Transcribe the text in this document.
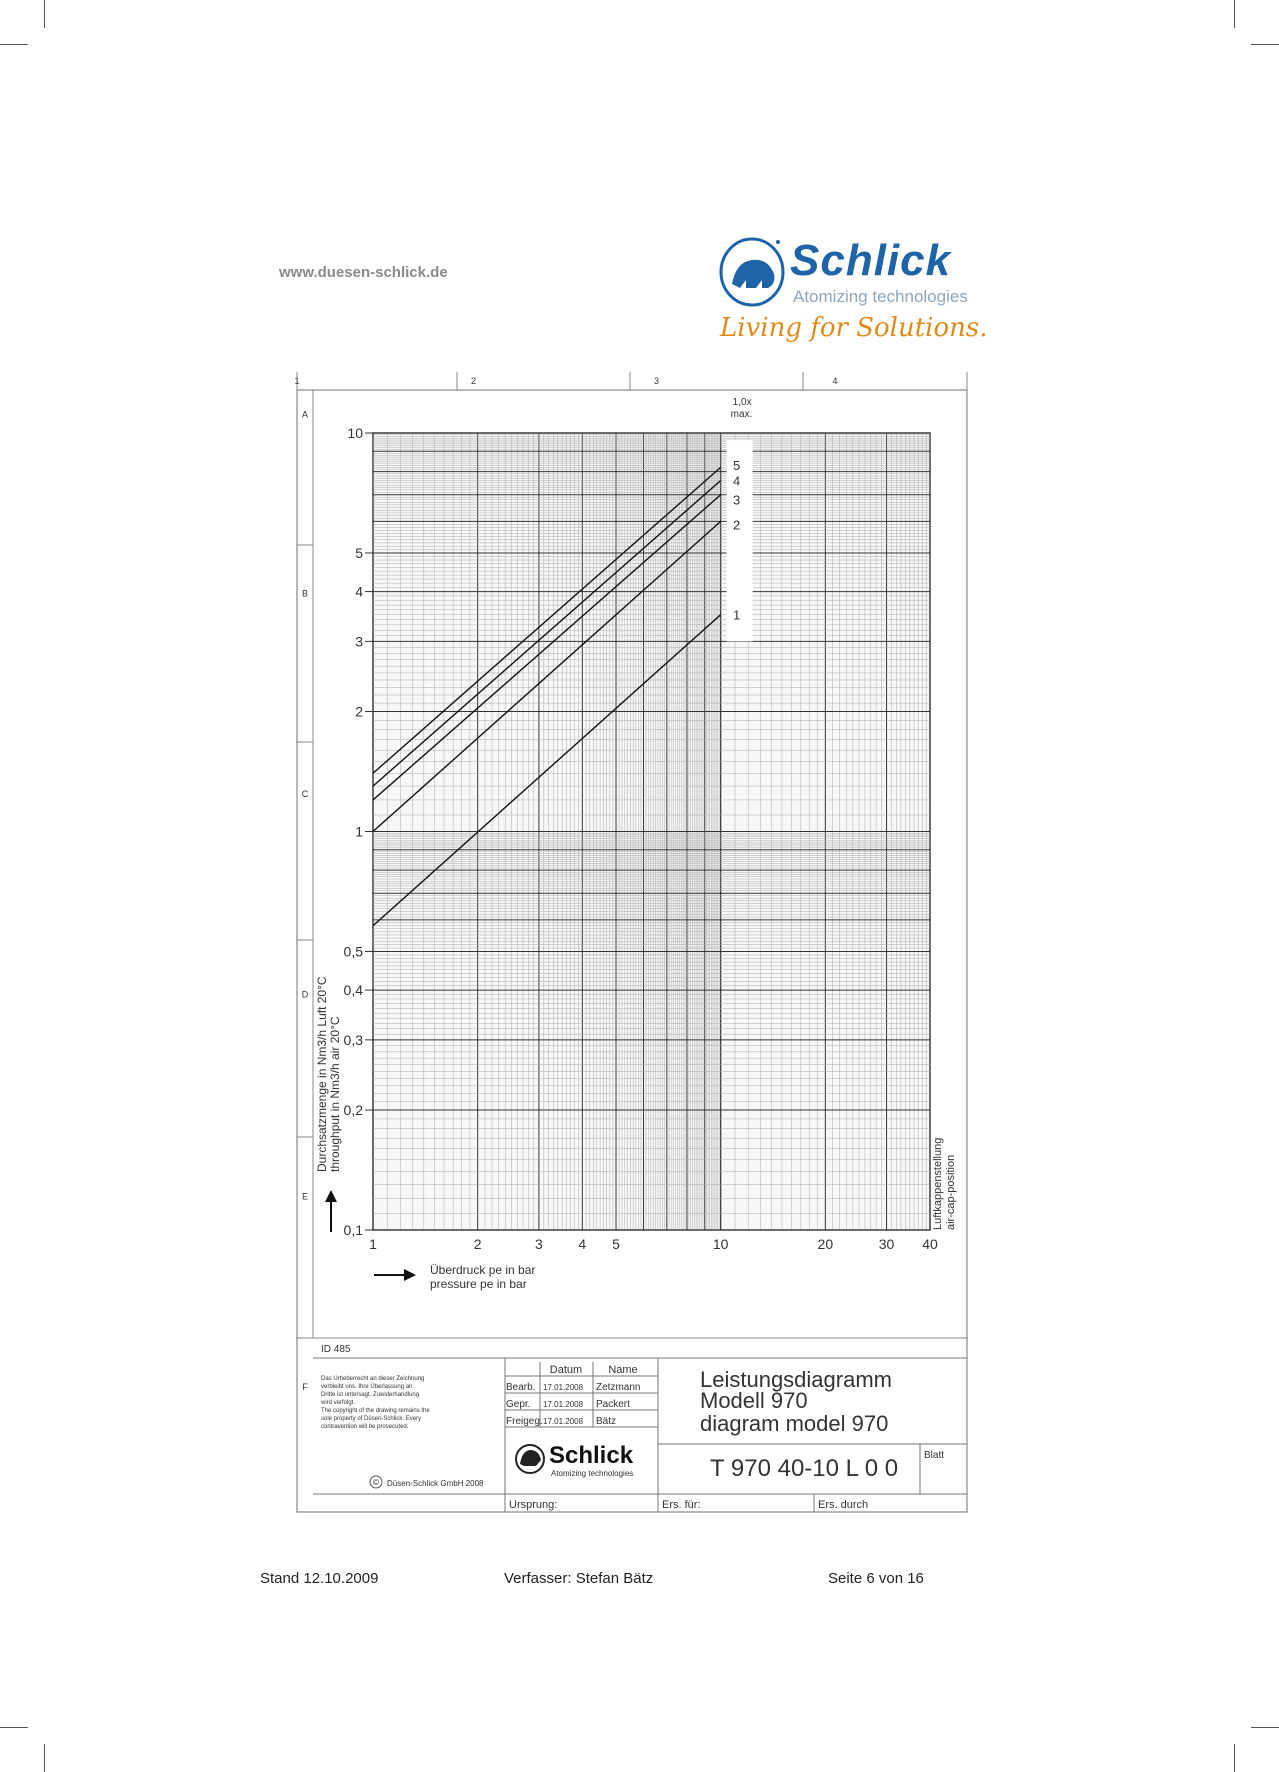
www.duesen-schlick.de	Schlick
Atomizing technologies
Living for Solutions.
1	2	3	4
A
B
C
D
E
F
1
2
3
4
5
1,0x
max.
1	2	3	4 5	10	20	30 40
0,1
0,2
0,3
0,4
0,5
1
2
3
4
5
10
Durchsatzmenge in Nm3/h Luft 20°C throughput in Nm3/h air 20°C
Überdruck pe in bar
pressure pe in bar
Luftkappenstellung air-cap-position
ID 485
Das Urheberrecht an dieser Zeichnung
verbleibt uns. Ihre Überlassung an
Dritte ist untersagt. Zuwiderhandlung
wird verfolgt.
The copyright of the drawing remains the
sole property of Düsen-Schlick. Every
contravention will be prosecuted.
© Düsen-Schlick GmbH 2008
Datum Name
Bearb. 17.01.2008 Zetzmann
Gepr. 17.01.2008 Packert
Freigeg. 17.01.2008 Bätz
Schlick
Atomizing technologies
Leistungsdiagramm
Modell 970
diagram model 970
T 970 40-10 L 0 0	Blatt
Ursprung:	Ers. für:	Ers. durch
Stand 12.10.2009	Verfasser: Stefan Bätz	Seite 6 von 16
